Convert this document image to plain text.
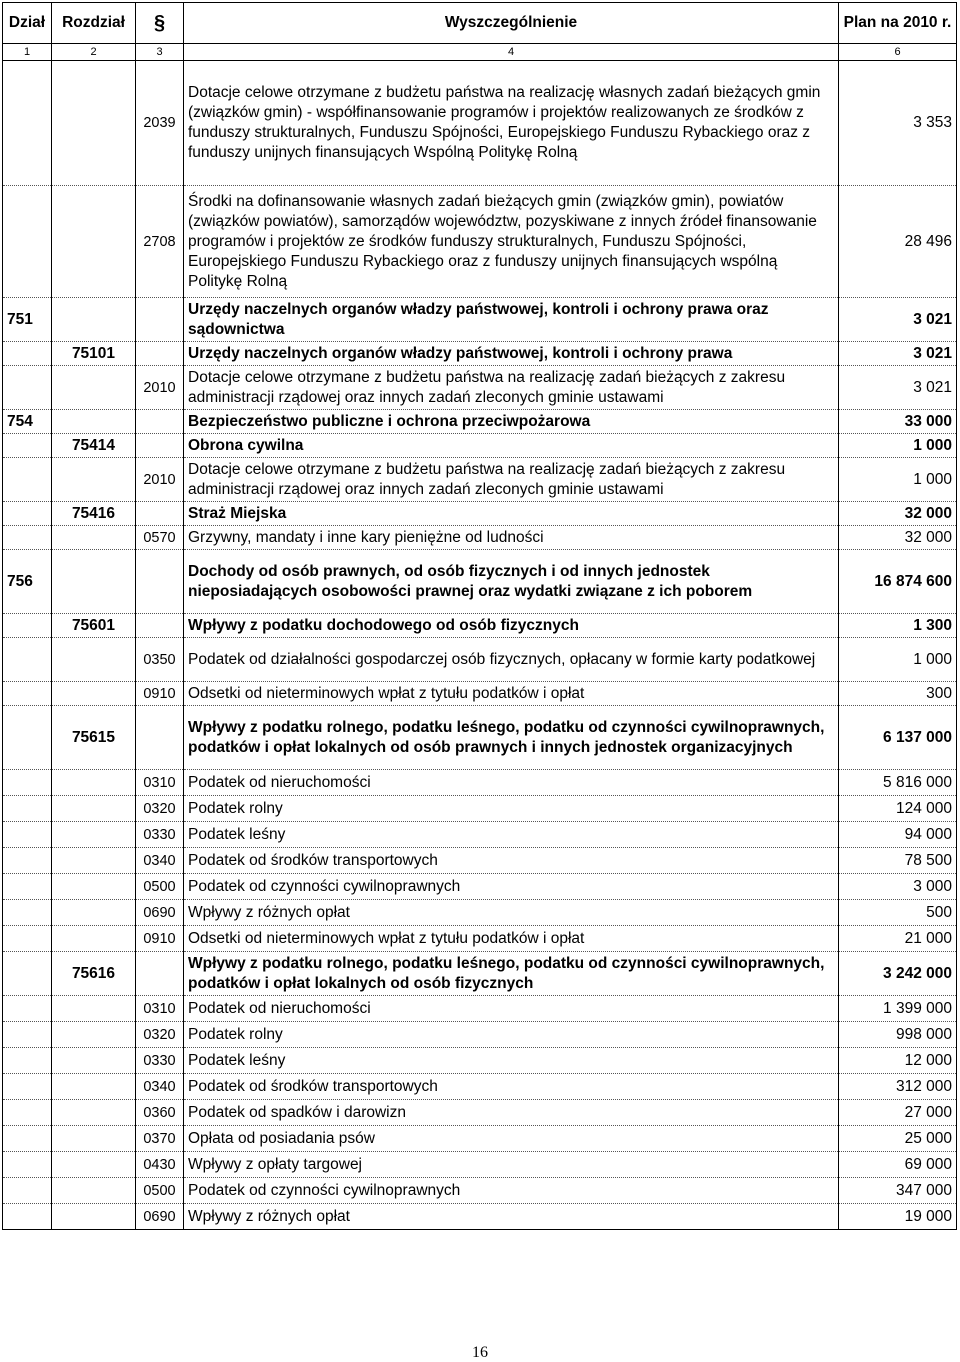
Dział	Rozdział	§	Wyszczególnienie	Plan na 2010 r.
1	2	3	4	6
		2039	Dotacje celowe otrzymane z budżetu państwa na realizację własnych zadań bieżących gmin (związków gmin) - współfinansowanie programów i projektów realizowanych ze środków z funduszy strukturalnych, Funduszu Spójności, Europejskiego Funduszu Rybackiego oraz z funduszy unijnych finansujących Wspólną Politykę Rolną	3 353
		2708	Środki na dofinansowanie własnych zadań bieżących gmin (związków gmin), powiatów (związków powiatów), samorządów województw, pozyskiwane z innych źródeł finansowanie programów i projektów ze środków funduszy strukturalnych, Funduszu Spójności, Europejskiego Funduszu Rybackiego oraz z funduszy unijnych finansujących wspólną Politykę Rolną	28 496
751			Urzędy naczelnych organów władzy państwowej, kontroli i ochrony prawa oraz sądownictwa	3 021
	75101		Urzędy naczelnych organów władzy państwowej, kontroli i ochrony prawa	3 021
		2010	Dotacje celowe otrzymane z budżetu państwa na realizację zadań bieżących z zakresu administracji rządowej oraz innych zadań zleconych gminie ustawami	3 021
754			Bezpieczeństwo publiczne i ochrona przeciwpożarowa	33 000
	75414		Obrona cywilna	1 000
		2010	Dotacje celowe otrzymane z budżetu państwa na realizację zadań bieżących z zakresu administracji rządowej oraz innych zadań zleconych gminie ustawami	1 000
	75416		Straż Miejska	32 000
		0570	Grzywny, mandaty i inne kary pieniężne od ludności	32 000
756			Dochody od osób prawnych, od osób fizycznych i od innych jednostek nieposiadających osobowości prawnej oraz wydatki związane z ich poborem	16 874 600
	75601		Wpływy z podatku dochodowego od osób fizycznych	1 300
		0350	Podatek od działalności gospodarczej osób fizycznych, opłacany w formie karty podatkowej	1 000
		0910	Odsetki od nieterminowych wpłat z tytułu podatków i opłat	300
	75615		Wpływy z podatku rolnego, podatku leśnego, podatku od czynności cywilnoprawnych, podatków i opłat lokalnych od osób prawnych i innych jednostek organizacyjnych	6 137 000
		0310	Podatek od nieruchomości	5 816 000
		0320	Podatek rolny	124 000
		0330	Podatek leśny	94 000
		0340	Podatek od środków transportowych	78 500
		0500	Podatek od czynności cywilnoprawnych	3 000
		0690	Wpływy z różnych opłat	500
		0910	Odsetki od nieterminowych wpłat z tytułu podatków i opłat	21 000
	75616		Wpływy z podatku rolnego, podatku leśnego, podatku od czynności cywilnoprawnych, podatków i opłat lokalnych od osób fizycznych	3 242 000
		0310	Podatek od nieruchomości	1 399 000
		0320	Podatek rolny	998 000
		0330	Podatek leśny	12 000
		0340	Podatek od środków transportowych	312 000
		0360	Podatek od spadków i darowizn	27 000
		0370	Opłata od posiadania psów	25 000
		0430	Wpływy z opłaty targowej	69 000
		0500	Podatek od czynności cywilnoprawnych	347 000
		0690	Wpływy z różnych opłat	19 000
16
